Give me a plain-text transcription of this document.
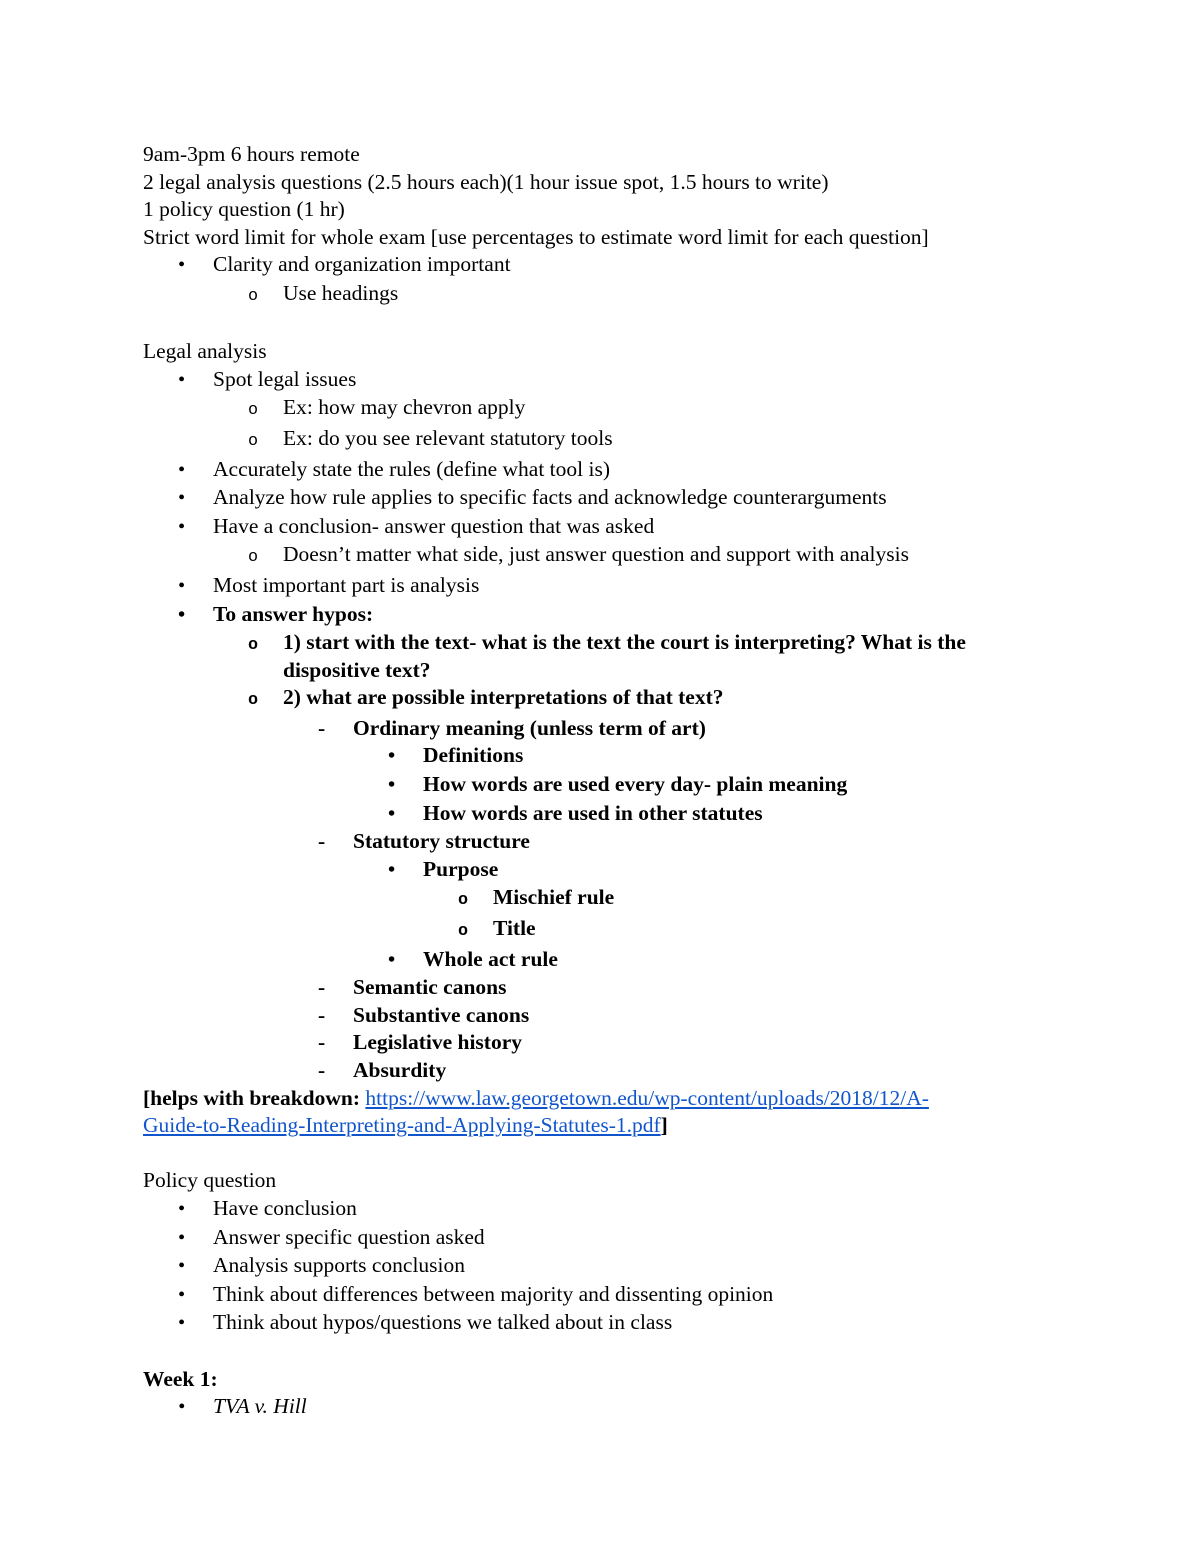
9am-3pm 6 hours remote
2 legal analysis questions (2.5 hours each)(1 hour issue spot, 1.5 hours to write)
1 policy question (1 hr)
Strict word limit for whole exam [use percentages to estimate word limit for each question]
•	Clarity and organization important
o	Use headings
Legal analysis
•	Spot legal issues
o	Ex: how may chevron apply
o	Ex: do you see relevant statutory tools
•	Accurately state the rules (define what tool is)
•	Analyze how rule applies to specific facts and acknowledge counterarguments
•	Have a conclusion- answer question that was asked
o	Doesn’t matter what side, just answer question and support with analysis
•	Most important part is analysis
•	To answer hypos:
o	1) start with the text- what is the text the court is interpreting? What is the dispositive text?
o	2) what are possible interpretations of that text?
-	Ordinary meaning (unless term of art)
•	Definitions
•	How words are used every day- plain meaning
•	How words are used in other statutes
-	Statutory structure
•	Purpose
o	Mischief rule
o	Title
•	Whole act rule
-	Semantic canons
-	Substantive canons
-	Legislative history
-	Absurdity
[helps with breakdown: https://www.law.georgetown.edu/wp-content/uploads/2018/12/A-
Guide-to-Reading-Interpreting-and-Applying-Statutes-1.pdf]
Policy question
•	Have conclusion
•	Answer specific question asked
•	Analysis supports conclusion
•	Think about differences between majority and dissenting opinion
•	Think about hypos/questions we talked about in class
Week 1:
•	TVA v. Hill
